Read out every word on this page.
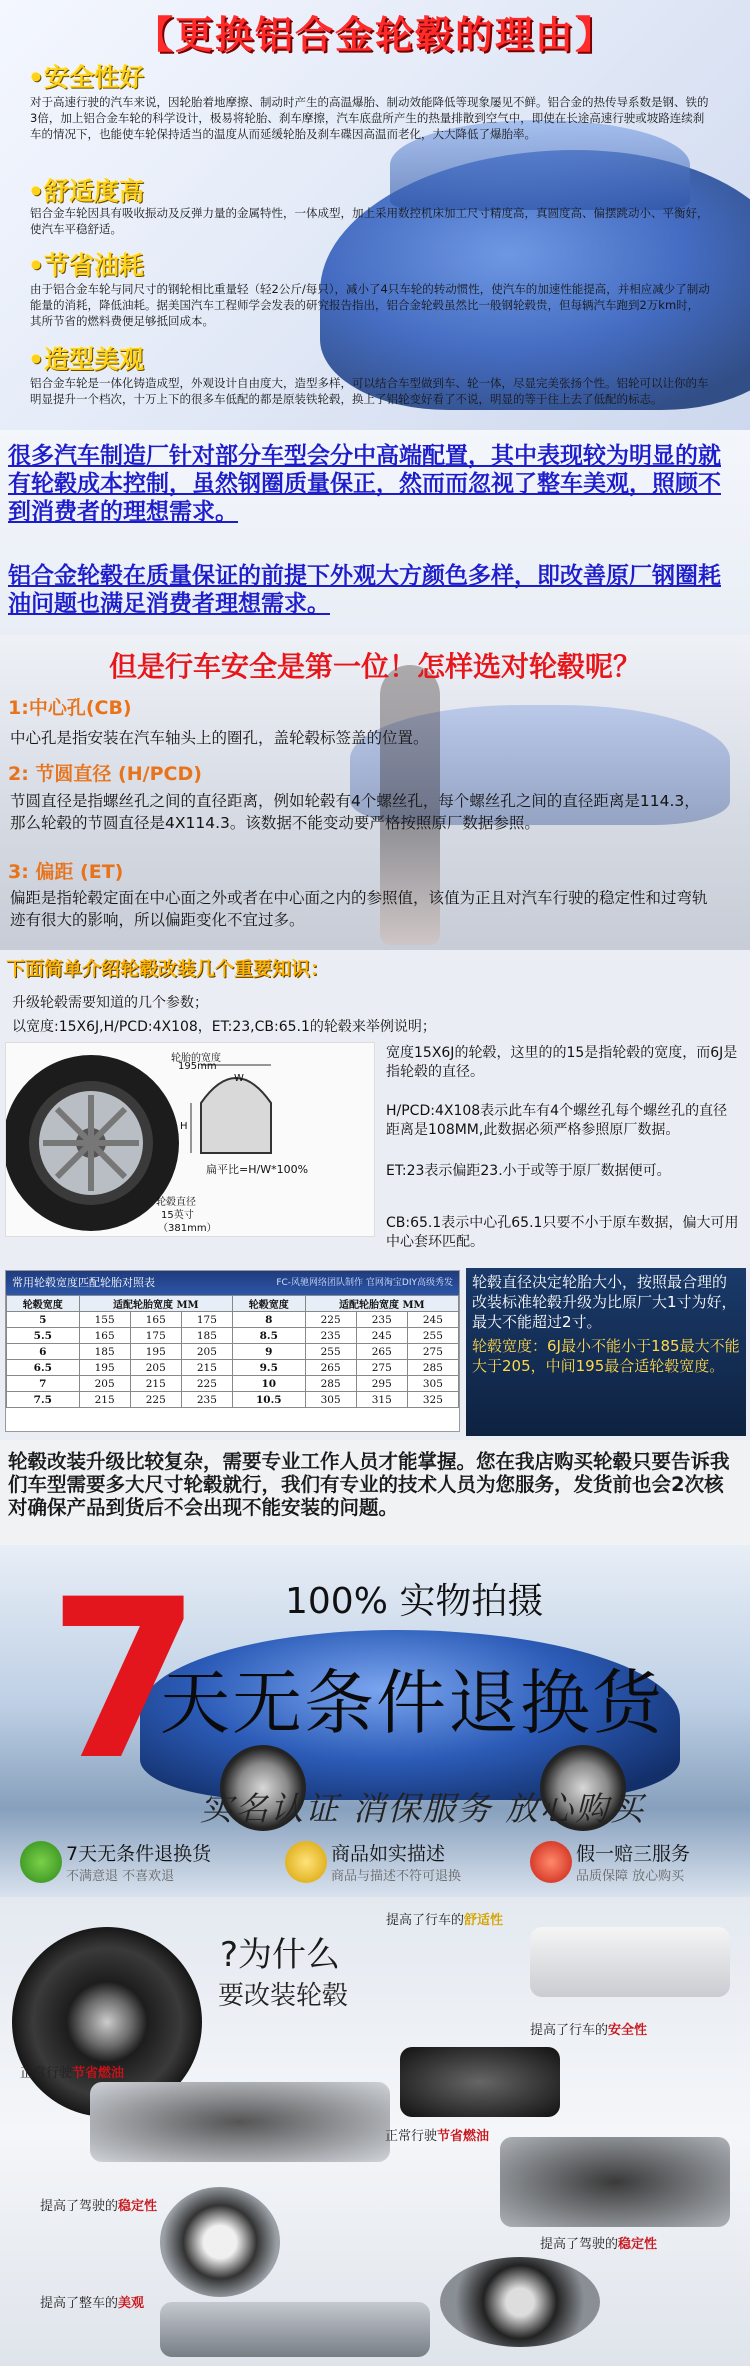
【更换铝合金轮毂的理由】
•安全性好
对于高速行驶的汽车来说，因轮胎着地摩擦、制动时产生的高温爆胎、制动效能降低等现象屡见不鲜。铝合金的热传导系数是钢、铁的3倍，加上铝合金车轮的科学设计，极易将轮胎、刹车摩擦，汽车底盘所产生的热量排散到空气中，即使在长途高速行驶或坡路连续刹车的情况下，也能使车轮保持适当的温度从而延缓轮胎及刹车碟因高温而老化，大大降低了爆胎率。
•舒适度高
铝合金车轮因具有吸收振动及反弹力量的金属特性，一体成型，加上采用数控机床加工尺寸精度高，真圆度高、偏摆跳动小、平衡好，使汽车平稳舒适。
•节省油耗
由于铝合金车轮与同尺寸的钢轮相比重量轻（轻2公斤/每只），减小了4只车轮的转动惯性，使汽车的加速性能提高，并相应减少了制动能量的消耗，降低油耗。据美国汽车工程师学会发表的研究报告指出，铝合金轮毂虽然比一般钢轮毂贵，但每辆汽车跑到2万km时，其所节省的燃料费便足够抵回成本。
•造型美观
铝合金车轮是一体化铸造成型，外观设计自由度大，造型多样，可以结合车型做到车、轮一体，尽显完美张扬个性。铝轮可以让你的车明显提升一个档次，十万上下的很多车低配的都是原装铁轮毂，换上了铝轮变好看了不说，明显的等于往上去了低配的标志。
很多汽车制造厂针对部分车型会分中高端配置，其中表现较为明显的就有轮毂成本控制，虽然钢圈质量保正，然而而忽视了整车美观，照顾不到消费者的理想需求。
铝合金轮毂在质量保证的前提下外观大方颜色多样，即改善原厂钢圈耗油问题也满足消费者理想需求。
但是行车安全是第一位！怎样选对轮毂呢？
1:中心孔(CB)
中心孔是指安装在汽车轴头上的圈孔，盖轮毂标签盖的位置。
2: 节圆直径 (H/PCD)
节圆直径是指螺丝孔之间的直径距离，例如轮毂有4个螺丝孔，每个螺丝孔之间的直径距离是114.3，那么轮毂的节圆直径是4X114.3。该数据不能变动要严格按照原厂数据参照。
3: 偏距 (ET)
偏距是指轮毂定面在中心面之外或者在中心面之内的参照值，该值为正且对汽车行驶的稳定性和过弯轨迹有很大的影响，所以偏距变化不宜过多。
下面简单介绍轮毂改装几个重要知识：
升级轮毂需要知道的几个参数；
以宽度:15X6J,H/PCD:4X108，ET:23,CB:65.1的轮毂来举例说明；
轮胎的宽度
195mm
W
H
扁平比=H/W*100%
轮毂直径
15英寸
（381mm）
宽度15X6J的轮毂，这里的的15是指轮毂的宽度，而6J是指轮毂的直径。
H/PCD:4X108表示此车有4个螺丝孔每个螺丝孔的直径距离是108MM,此数据必须严格参照原厂数据。
ET:23表示偏距23.小于或等于原厂数据便可。
CB:65.1表示中心孔65.1只要不小于原车数据，偏大可用中心套环匹配。
常用轮毂宽度匹配轮胎对照表	FC-风驰网络团队制作 官网淘宝DIY高级秀发
轮毂宽度	适配轮胎宽度 MM			轮毂宽度	适配轮胎宽度 MM		
5	155	165	175	8	225	235	245
5.5	165	175	185	8.5	235	245	255
6	185	195	205	9	255	265	275
6.5	195	205	215	9.5	265	275	285
7	205	215	225	10	285	295	305
7.5	215	225	235	10.5	305	315	325
轮毂直径决定轮胎大小，按照最合理的改装标准轮毂升级为比原厂大1寸为好，最大不能超过2寸。
轮毂宽度：6J最小不能小于185最大不能大于205，中间195最合适轮毂宽度。
轮毂改装升级比较复杂，需要专业工作人员才能掌握。您在我店购买轮毂只要告诉我们车型需要多大尺寸轮毂就行，我们有专业的技术人员为您服务，发货前也会2次核对确保产品到货后不会出现不能安装的问题。
7 100% 实物拍摄
天无条件退换货
实名认证 消保服务 放心购买
7天无条件退换货
不满意退 不喜欢退
商品如实描述
商品与描述不符可退换
假一赔三服务
品质保障 放心购买
?为什么
要改装轮毂
提高了行车的舒适性
提高了行车的安全性
正常行驶节省燃油
正常行驶节省燃油
提高了驾驶的稳定性
提高了驾驶的稳定性
提高了整车的美观
